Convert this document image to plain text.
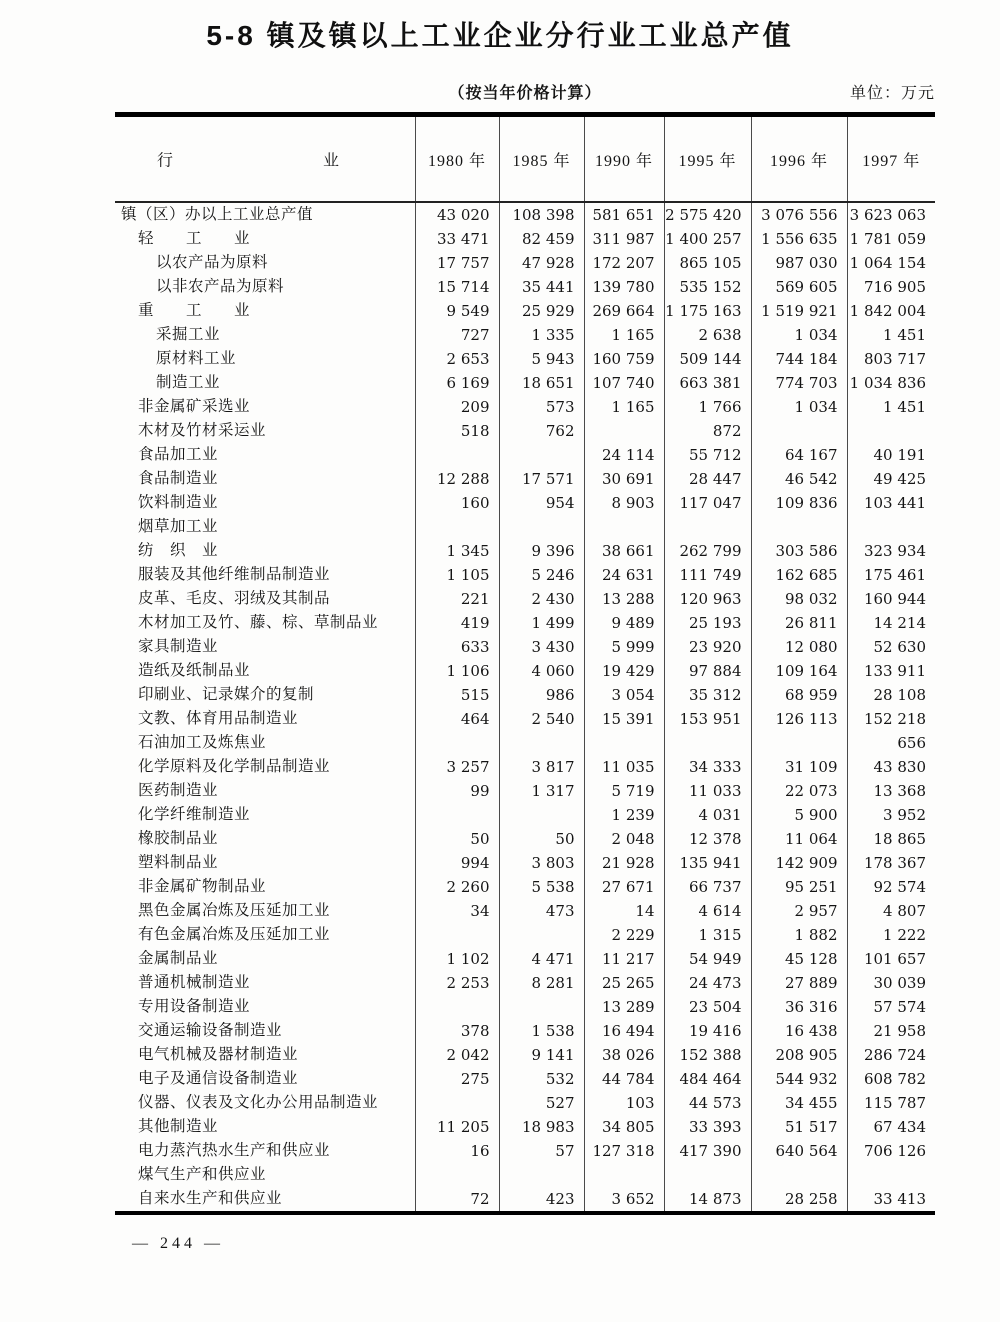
5-8 镇及镇以上工业企业分行业工业总产值
（按当年价格计算）	单位：万元
行 业	1980 年	1985 年	1990 年	1995 年	1996 年	1997 年
镇（区）办以上工业总产值	43 020	108 398	581 651	2 575 420	3 076 556	3 623 063
轻　　工　　业	33 471	82 459	311 987	1 400 257	1 556 635	1 781 059
以农产品为原料	17 757	47 928	172 207	865 105	987 030	1 064 154
以非农产品为原料	15 714	35 441	139 780	535 152	569 605	716 905
重　　工　　业	9 549	25 929	269 664	1 175 163	1 519 921	1 842 004
采掘工业	727	1 335	1 165	2 638	1 034	1 451
原材料工业	2 653	5 943	160 759	509 144	744 184	803 717
制造工业	6 169	18 651	107 740	663 381	774 703	1 034 836
非金属矿采选业	209	573	1 165	1 766	1 034	1 451
木材及竹材采运业	518	762		872		
食品加工业			24 114	55 712	64 167	40 191
食品制造业	12 288	17 571	30 691	28 447	46 542	49 425
饮料制造业	160	954	8 903	117 047	109 836	103 441
烟草加工业						
纺　织　业	1 345	9 396	38 661	262 799	303 586	323 934
服装及其他纤维制品制造业	1 105	5 246	24 631	111 749	162 685	175 461
皮革、毛皮、羽绒及其制品	221	2 430	13 288	120 963	98 032	160 944
木材加工及竹、藤、棕、草制品业	419	1 499	9 489	25 193	26 811	14 214
家具制造业	633	3 430	5 999	23 920	12 080	52 630
造纸及纸制品业	1 106	4 060	19 429	97 884	109 164	133 911
印刷业、记录媒介的复制	515	986	3 054	35 312	68 959	28 108
文教、体育用品制造业	464	2 540	15 391	153 951	126 113	152 218
石油加工及炼焦业						656
化学原料及化学制品制造业	3 257	3 817	11 035	34 333	31 109	43 830
医药制造业	99	1 317	5 719	11 033	22 073	13 368
化学纤维制造业			1 239	4 031	5 900	3 952
橡胶制品业	50	50	2 048	12 378	11 064	18 865
塑料制品业	994	3 803	21 928	135 941	142 909	178 367
非金属矿物制品业	2 260	5 538	27 671	66 737	95 251	92 574
黑色金属冶炼及压延加工业	34	473	14	4 614	2 957	4 807
有色金属冶炼及压延加工业			2 229	1 315	1 882	1 222
金属制品业	1 102	4 471	11 217	54 949	45 128	101 657
普通机械制造业	2 253	8 281	25 265	24 473	27 889	30 039
专用设备制造业			13 289	23 504	36 316	57 574
交通运输设备制造业	378	1 538	16 494	19 416	16 438	21 958
电气机械及器材制造业	2 042	9 141	38 026	152 388	208 905	286 724
电子及通信设备制造业	275	532	44 784	484 464	544 932	608 782
仪器、仪表及文化办公用品制造业		527	103	44 573	34 455	115 787
其他制造业	11 205	18 983	34 805	33 393	51 517	67 434
电力蒸汽热水生产和供应业	16	57	127 318	417 390	640 564	706 126
煤气生产和供应业						
自来水生产和供应业	72	423	3 652	14 873	28 258	33 413
— 244 —
